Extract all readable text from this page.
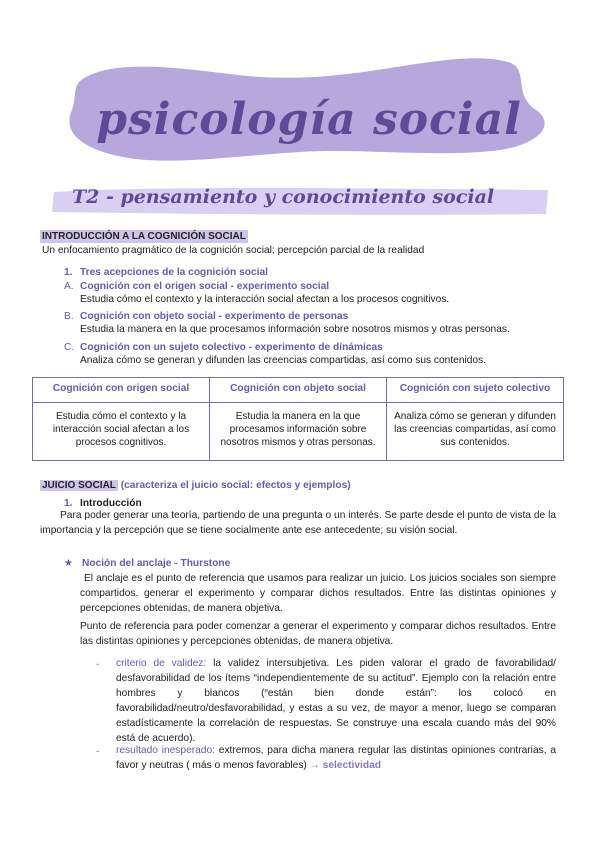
psicología social
T2 - pensamiento y conocimiento social
INTRODUCCIÓN A LA COGNICIÓN SOCIAL
Un enfocamiento pragmático de la cognición social; percepción parcial de la realidad
1. Tres acepciones de la cognición social
A. Cognición con el origen social - experimento social
Estudia cómo el contexto y la interacción social afectan a los procesos cognitivos.
B. Cognición con objeto social - experimento de personas
Estudia la manera en la que procesamos información sobre nosotros mismos y otras personas.
C. Cognición con un sujeto colectivo - experimento de dinámicas
Analiza cómo se generan y difunden las creencias compartidas, así como sus contenidos.
Cognición con origen social	Cognición con objeto social	Cognición con sujeto colectivo
Estudia cómo el contexto y la interacción social afectan a los procesos cognitivos.	Estudia la manera en la que procesamos información sobre nosotros mismos y otras personas.	Analiza cómo se generan y difunden las creencias compartidas, así como sus contenidos.
JUICIO SOCIAL (caracteriza el juicio social: efectos y ejemplos)
1. Introducción
Para poder generar una teoría, partiendo de una pregunta o un interés. Se parte desde el punto de vista de la importancia y la percepción que se tiene socialmente ante ese antecedente; su visión social.
★ Noción del anclaje - Thurstone
El anclaje es el punto de referencia que usamos para realizar un juicio. Los juicios sociales son siempre compartidos. generar el experimento y comparar dichos resultados. Entre las distintas opiniones y percepciones obtenidas, de manera objetiva.
Punto de referencia para poder comenzar a generar el experimento y comparar dichos resultados. Entre las distintas opiniones y percepciones obtenidas, de manera objetiva.
- criterio de validez: la validez intersubjetiva. Les piden valorar el grado de favorabilidad/ desfavorabilidad de los ítems “independientemente de su actitud”. Ejemplo con la relación entre hombres y blancos (“están bien donde están”: los colocó en favorabilidad/neutro/desfavorabilidad, y estas a su vez, de mayor a menor, luego se comparan estadísticamente la correlación de respuestas. Se construye una escala cuando más del 90% está de acuerdo).
- resultado inesperado: extremos, para dicha manera regular las distintas opiniones contrarias, a favor y neutras ( más o menos favorables) → selectividad
